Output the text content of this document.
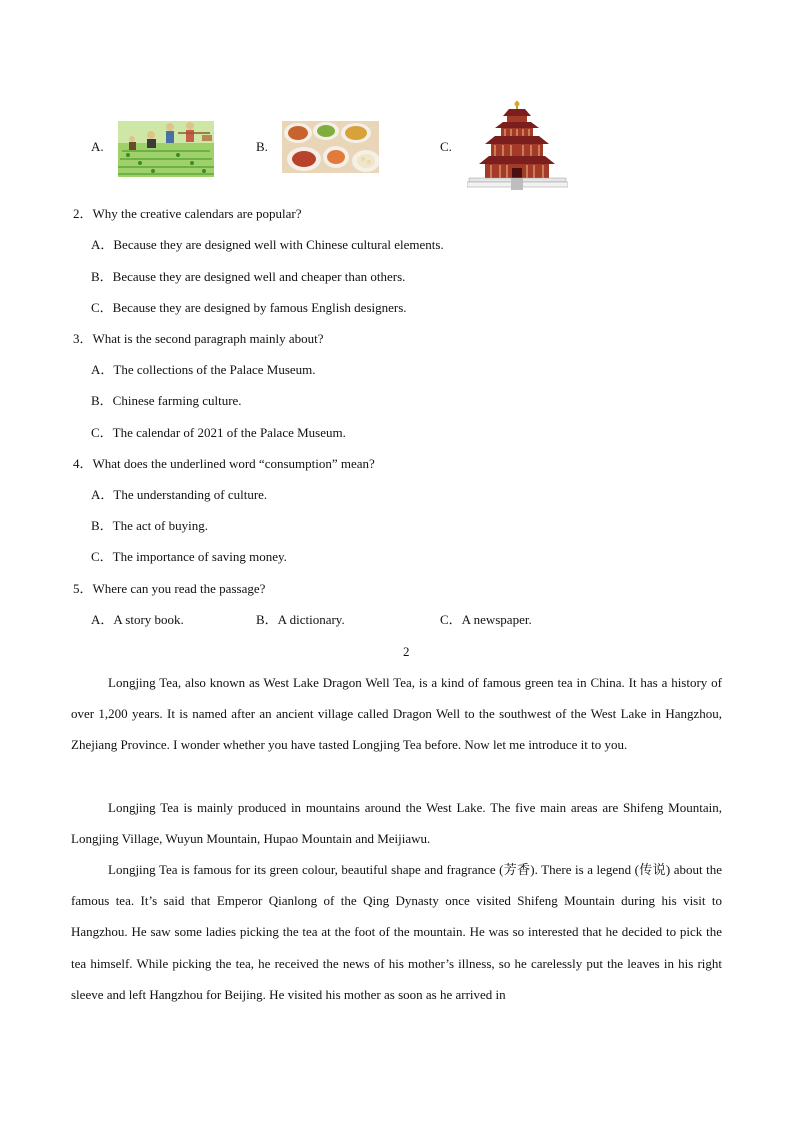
A.	B.	C.
2．Why the creative calendars are popular?
A．Because they are designed well with Chinese cultural elements.
B．Because they are designed well and cheaper than others.
C．Because they are designed by famous English designers.
3．What is the second paragraph mainly about?
A．The collections of the Palace Museum.
B．Chinese farming culture.
C．The calendar of 2021 of the Palace Museum.
4．What does the underlined word “consumption” mean?
A．The understanding of culture.
B．The act of buying.
C．The importance of saving money.
5．Where can you read the passage?
A．A story book.	B．A dictionary.	C．A newspaper.
2
Longjing Tea, also known as West Lake Dragon Well Tea, is a kind of famous green tea in China. It has a history of over 1,200 years. It is named after an ancient village called Dragon Well to the southwest of the West Lake in Hangzhou, Zhejiang Province. I wonder whether you have tasted Longjing Tea before. Now let me introduce it to you.
Longjing Tea is mainly produced in mountains around the West Lake. The five main areas are Shifeng Mountain, Longjing Village, Wuyun Mountain, Hupao Mountain and Meijiawu.
Longjing Tea is famous for its green colour, beautiful shape and fragrance (芳香). There is a legend (传说) about the famous tea. It’s said that Emperor Qianlong of the Qing Dynasty once visited Shifeng Mountain during his visit to Hangzhou. He saw some ladies picking the tea at the foot of the mountain. He was so interested that he decided to pick the tea himself. While picking the tea, he received the news of his mother’s illness, so he carelessly put the leaves in his right sleeve and left Hangzhou for Beijing. He visited his mother as soon as he arrived in
